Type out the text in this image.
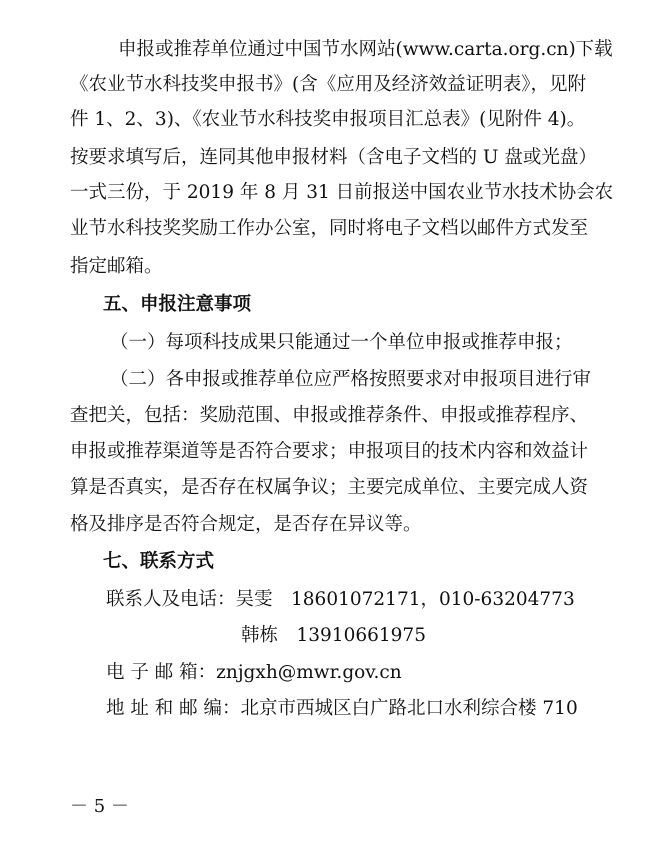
申报或推荐单位通过中国节水网站(www.carta.org.cn)下载
《农业节水科技奖申报书》(含《应用及经济效益证明表》，见附
件 1、2、3)、《农业节水科技奖申报项目汇总表》(见附件 4)。
按要求填写后，连同其他申报材料（含电子文档的 U 盘或光盘）
一式三份，于 2019 年 8 月 31 日前报送中国农业节水技术协会农
业节水科技奖奖励工作办公室，同时将电子文档以邮件方式发至
指定邮箱。
五、申报注意事项
（一）每项科技成果只能通过一个单位申报或推荐申报；
（二）各申报或推荐单位应严格按照要求对申报项目进行审
查把关，包括：奖励范围、申报或推荐条件、申报或推荐程序、
申报或推荐渠道等是否符合要求；申报项目的技术内容和效益计
算是否真实，是否存在权属争议；主要完成单位、主要完成人资
格及排序是否符合规定，是否存在异议等。
七、联系方式
联系人及电话：吴雯　18601072171，010-63204773
韩栋　13910661975
电 子 邮 箱：znjgxh@mwr.gov.cn
地 址 和 邮 编：北京市西城区白广路北口水利综合楼 710
－ 5 －
